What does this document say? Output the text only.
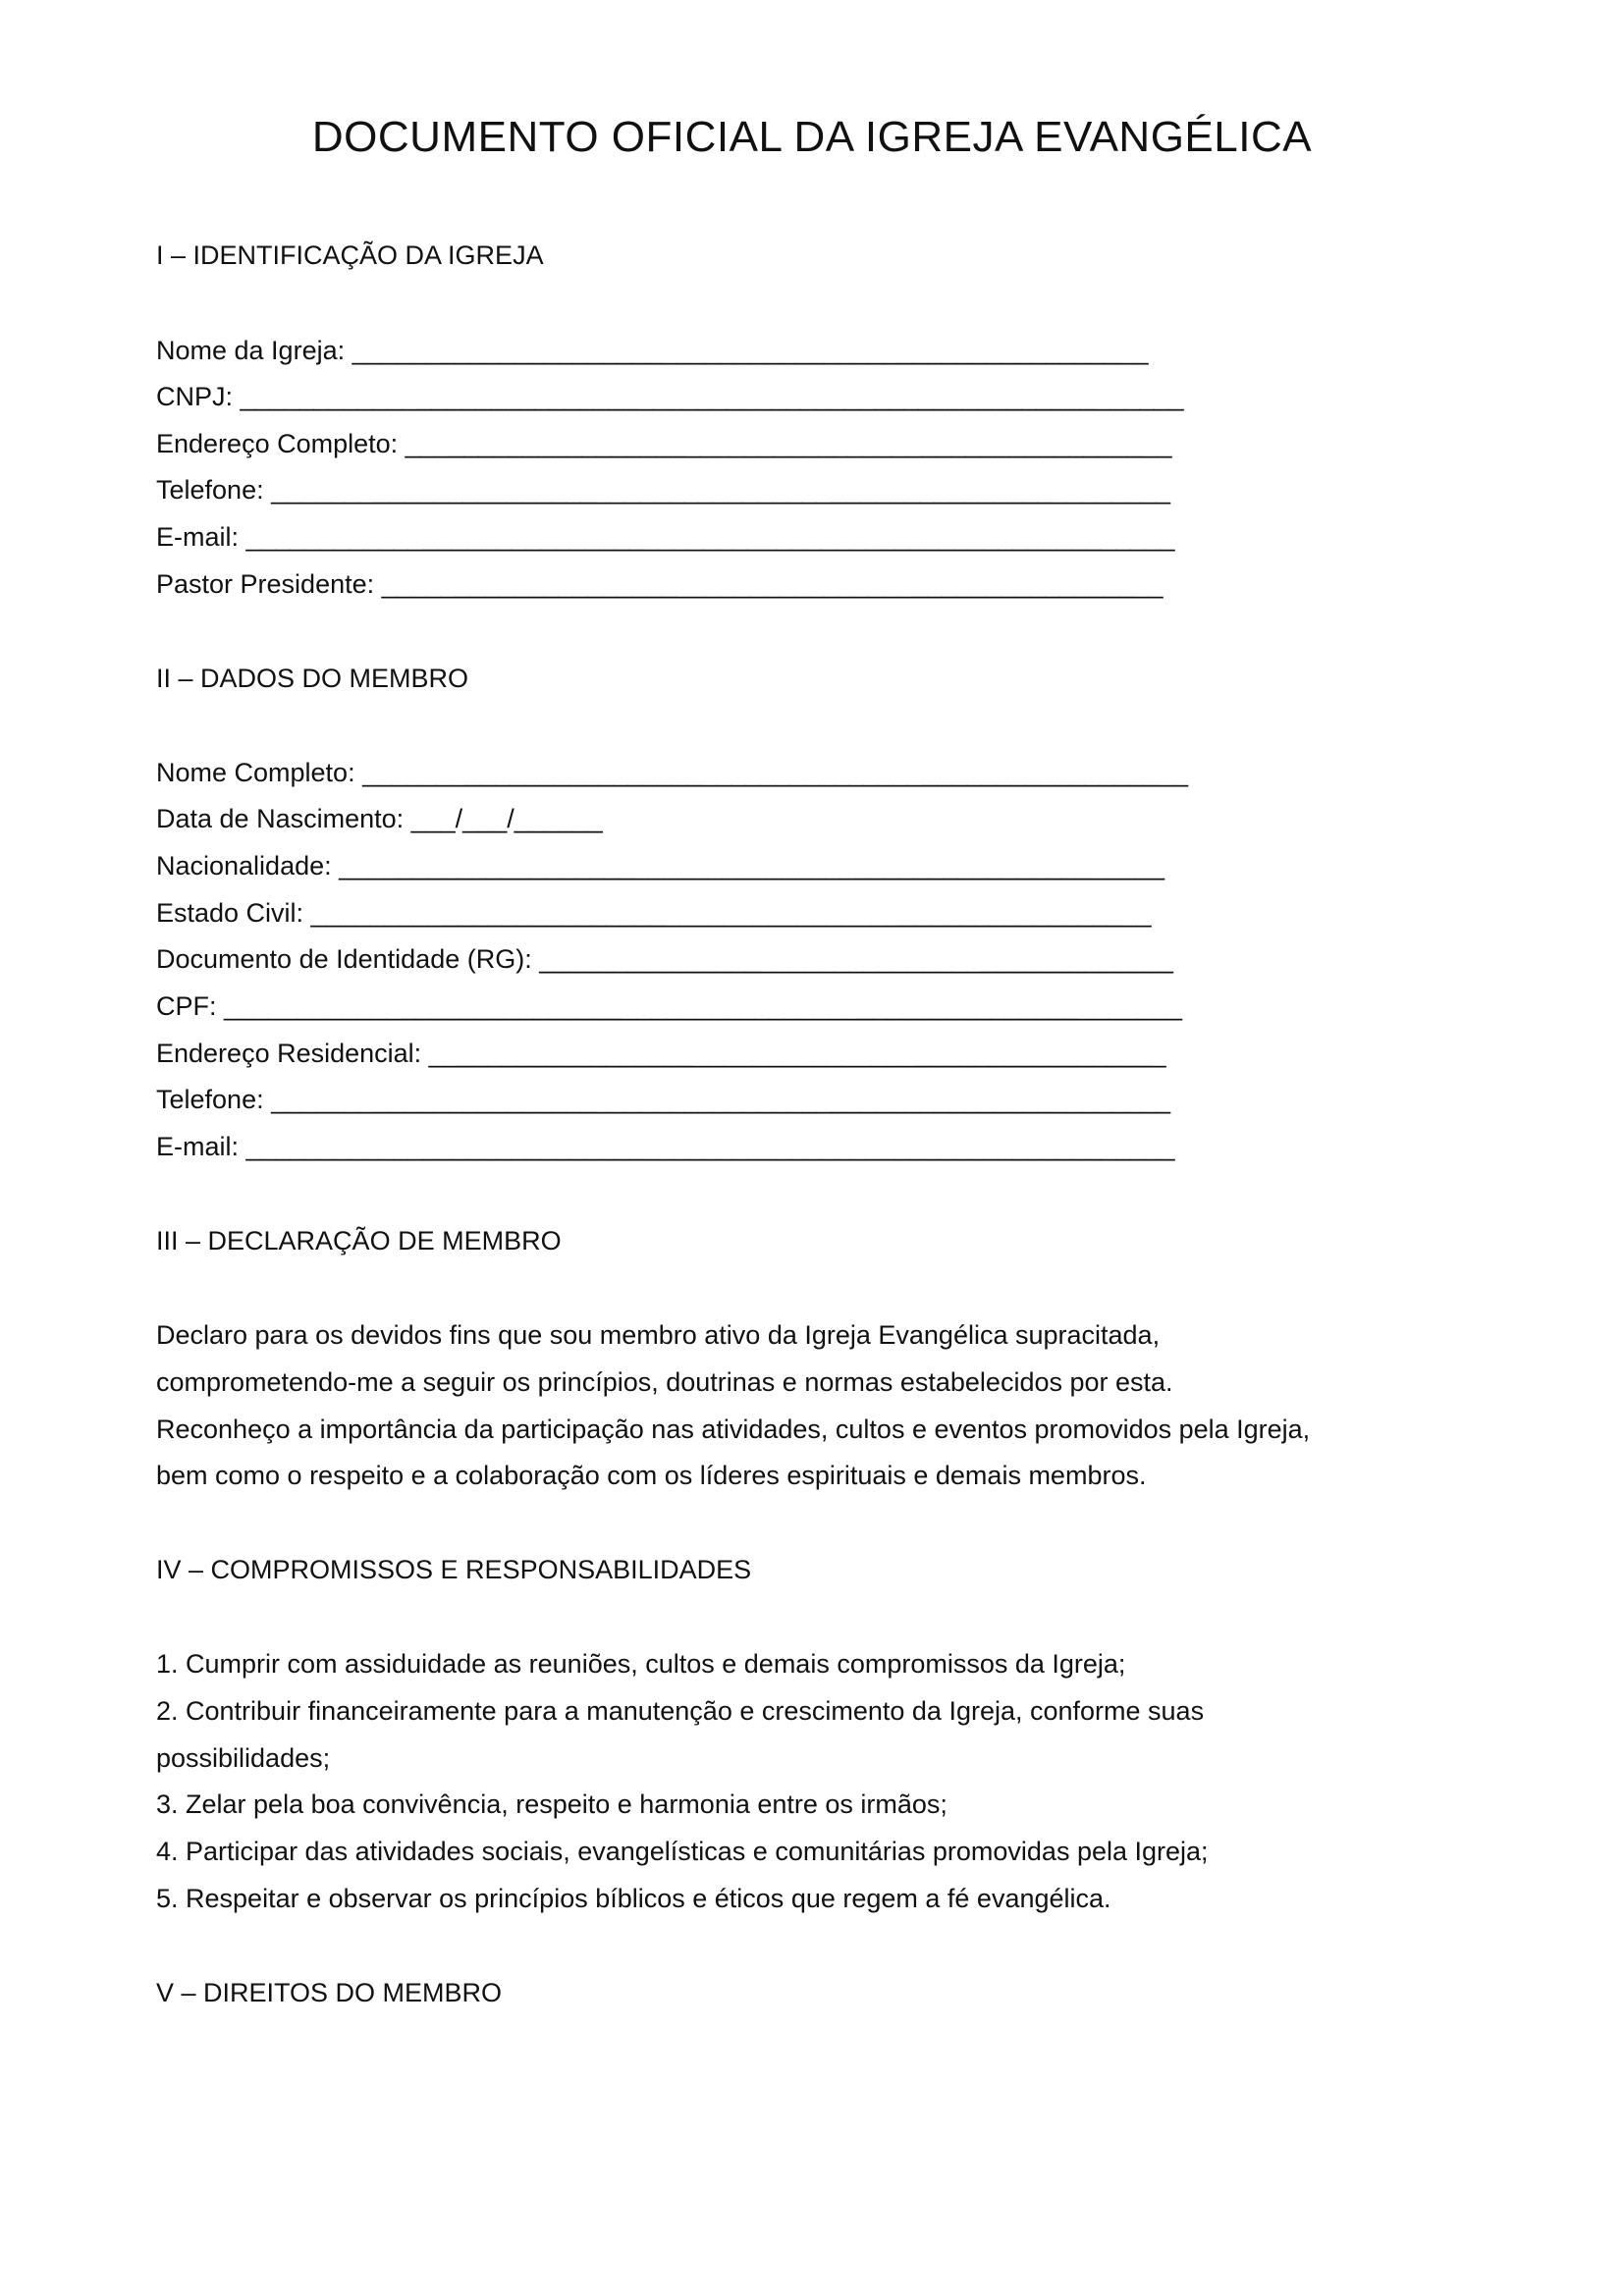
DOCUMENTO OFICIAL DA IGREJA EVANGÉLICA
I – IDENTIFICAÇÃO DA IGREJA
Nome da Igreja: ______________________________________________________
CNPJ: ________________________________________________________________
Endereço Completo: ____________________________________________________
Telefone: _____________________________________________________________
E-mail: _______________________________________________________________
Pastor Presidente: _____________________________________________________
II – DADOS DO MEMBRO
Nome Completo: ________________________________________________________
Data de Nascimento: ___/___/______
Nacionalidade: ________________________________________________________
Estado Civil: _________________________________________________________
Documento de Identidade (RG): ___________________________________________
CPF: _________________________________________________________________
Endereço Residencial: __________________________________________________
Telefone: _____________________________________________________________
E-mail: _______________________________________________________________
III – DECLARAÇÃO DE MEMBRO
Declaro para os devidos fins que sou membro ativo da Igreja Evangélica supracitada,
comprometendo-me a seguir os princípios, doutrinas e normas estabelecidos por esta.
Reconheço a importância da participação nas atividades, cultos e eventos promovidos pela Igreja,
bem como o respeito e a colaboração com os líderes espirituais e demais membros.
IV – COMPROMISSOS E RESPONSABILIDADES
1. Cumprir com assiduidade as reuniões, cultos e demais compromissos da Igreja;
2. Contribuir financeiramente para a manutenção e crescimento da Igreja, conforme suas
possibilidades;
3. Zelar pela boa convivência, respeito e harmonia entre os irmãos;
4. Participar das atividades sociais, evangelísticas e comunitárias promovidas pela Igreja;
5. Respeitar e observar os princípios bíblicos e éticos que regem a fé evangélica.
V – DIREITOS DO MEMBRO
